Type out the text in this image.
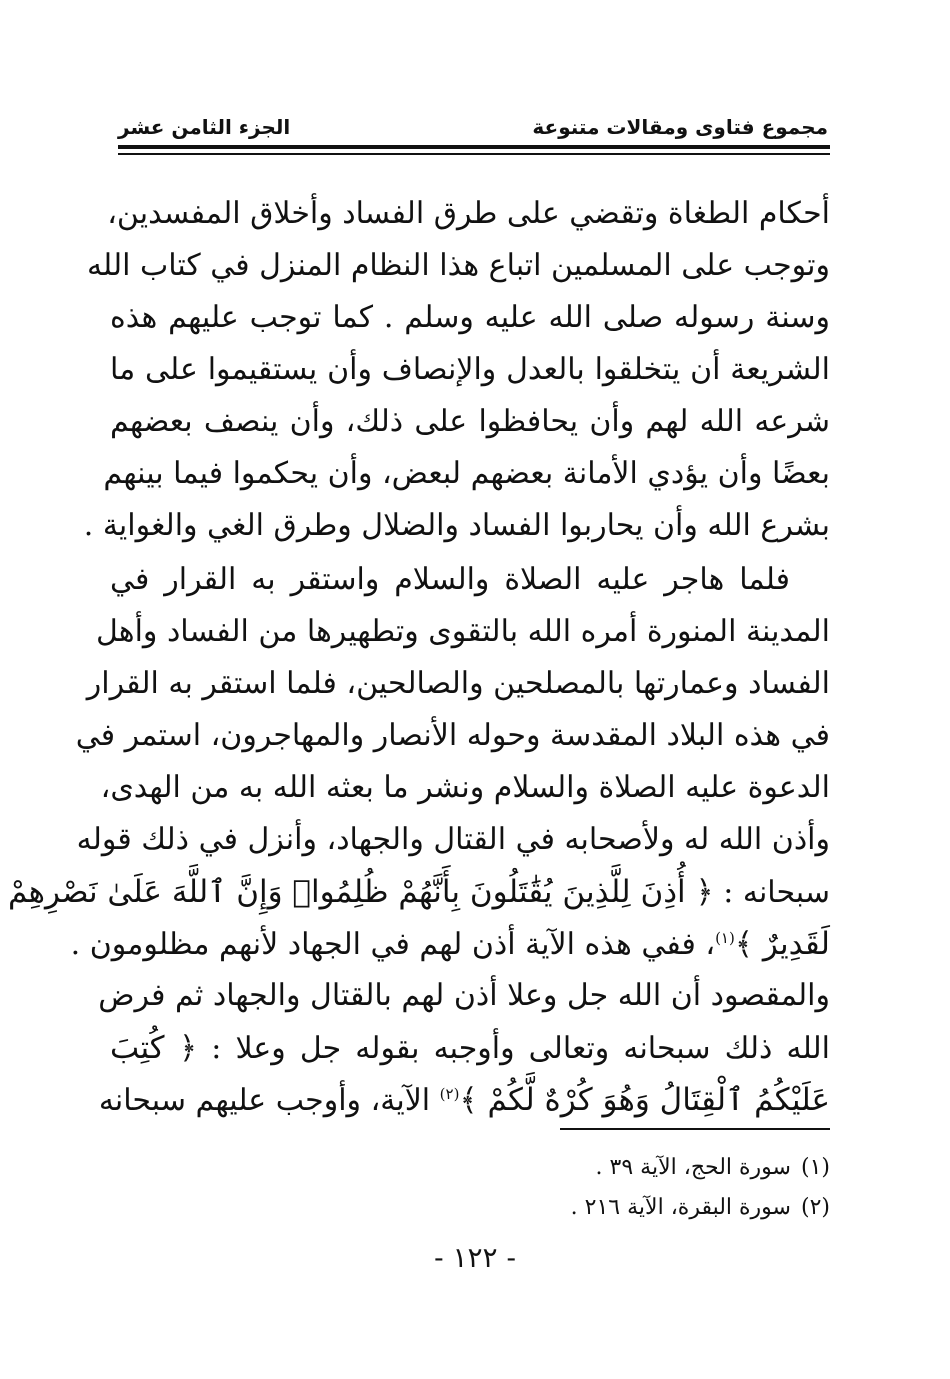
مجموع فتاوى ومقالات متنوعة
الجزء الثامن عشر
أحكام الطغاة وتقضي على طرق الفساد وأخلاق المفسدين،
وتوجب على المسلمين اتباع هذا النظام المنزل في كتاب الله
وسنة رسوله صلى الله عليه وسلم . كما توجب عليهم هذه
الشريعة أن يتخلقوا بالعدل والإنصاف وأن يستقيموا على ما
شرعه الله لهم وأن يحافظوا على ذلك، وأن ينصف بعضهم
بعضًا وأن يؤدي الأمانة بعضهم لبعض، وأن يحكموا فيما بينهم
بشرع الله وأن يحاربوا الفساد والضلال وطرق الغي والغواية .
فلما هاجر عليه الصلاة والسلام واستقر به القرار في
المدينة المنورة أمره الله بالتقوى وتطهيرها من الفساد وأهل
الفساد وعمارتها بالمصلحين والصالحين، فلما استقر به القرار
في هذه البلاد المقدسة وحوله الأنصار والمهاجرون، استمر في
الدعوة عليه الصلاة والسلام ونشر ما بعثه الله به من الهدى،
وأذن الله له ولأصحابه في القتال والجهاد، وأنزل في ذلك قوله
سبحانه : ﴿ أُذِنَ لِلَّذِينَ يُقَٰتَلُونَ بِأَنَّهُمْ ظُلِمُوا۟ وَإِنَّ ٱللَّهَ عَلَىٰ نَصْرِهِمْ
لَقَدِيرٌ ﴾$^{(١)}$، ففي هذه الآية أذن لهم في الجهاد لأنهم مظلومون .
والمقصود أن الله جل وعلا أذن لهم بالقتال والجهاد ثم فرض
الله ذلك سبحانه وتعالى وأوجبه بقوله جل وعلا : ﴿ كُتِبَ
عَلَيْكُمُ ٱلْقِتَالُ وَهُوَ كُرْهٌ لَّكُمْ ﴾$^{(٢)}$ الآية، وأوجب عليهم سبحانه
(١)سورة الحج، الآية ٣٩ .
(٢)سورة البقرة، الآية ٢١٦ .
- ١٢٢ -
